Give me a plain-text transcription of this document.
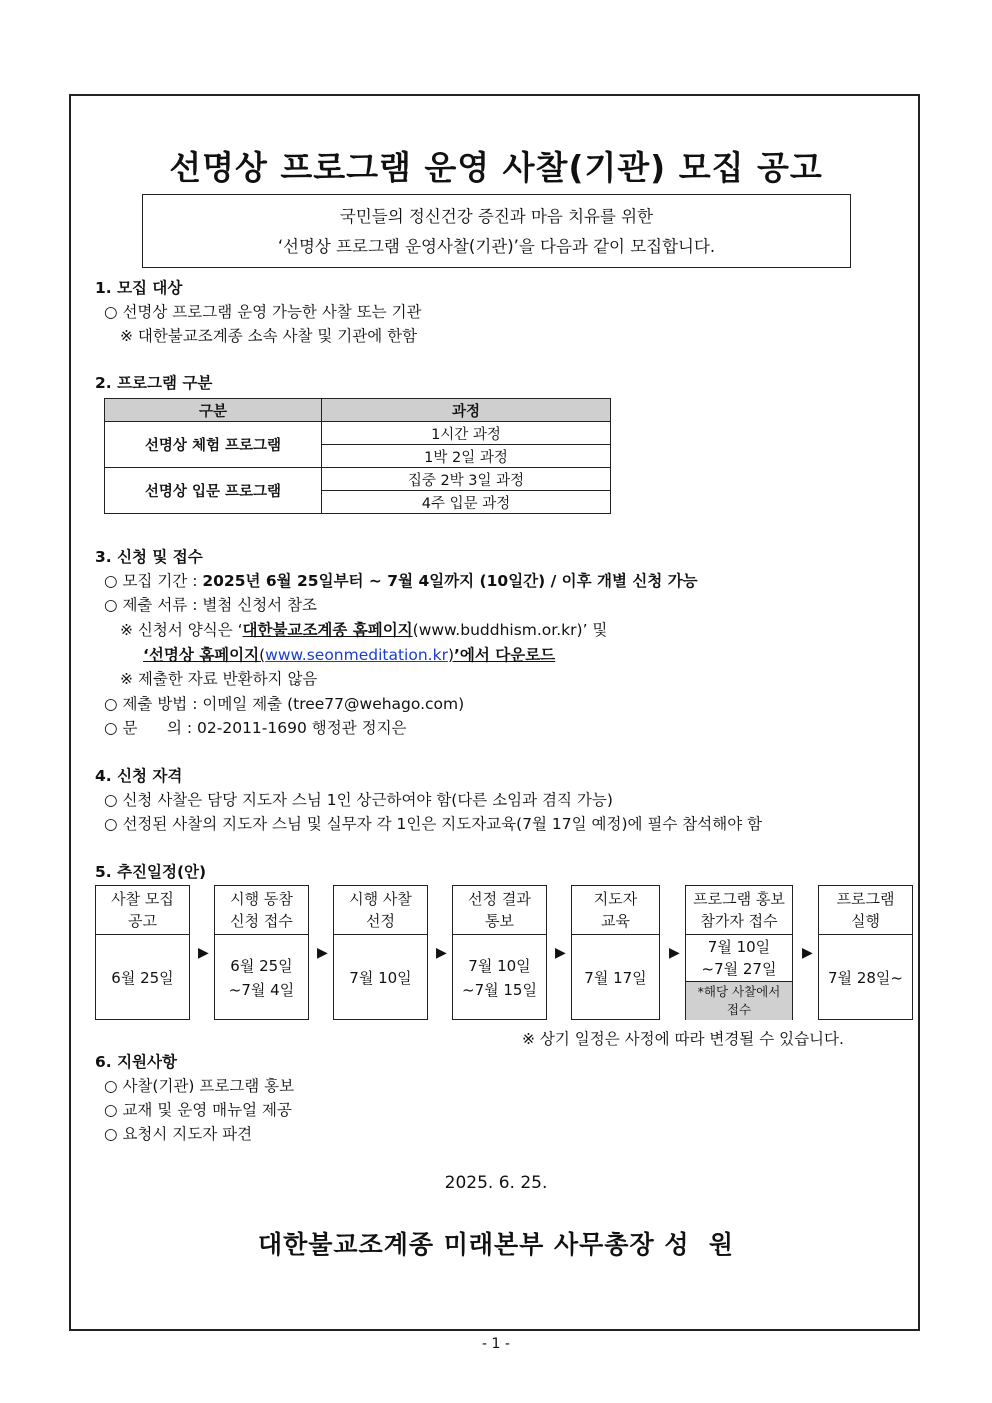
선명상 프로그램 운영 사찰(기관) 모집 공고
국민들의 정신건강 증진과 마음 치유를 위한
‘선명상 프로그램 운영사찰(기관)’을 다음과 같이 모집합니다.
1. 모집 대상
○ 선명상 프로그램 운영 가능한 사찰 또는 기관
※ 대한불교조계종 소속 사찰 및 기관에 한함
2. 프로그램 구분
구분	과정
선명상 체험 프로그램	1시간 과정
	1박 2일 과정
선명상 입문 프로그램	집중 2박 3일 과정
	4주 입문 과정
3. 신청 및 접수
○ 모집 기간 : 2025년 6월 25일부터 ~ 7월 4일까지 (10일간) / 이후 개별 신청 가능
○ 제출 서류 : 별첨 신청서 참조
※ 신청서 양식은 ‘대한불교조계종 홈페이지(www.buddhism.or.kr)’ 및
‘선명상 홈페이지(www.seonmeditation.kr)’에서 다운로드
※ 제출한 자료 반환하지 않음
○ 제출 방법 : 이메일 제출 (tree77@wehago.com)
○ 문      의 : 02-2011-1690 행정관 정지은
4. 신청 자격
○ 신청 사찰은 담당 지도자 스님 1인 상근하여야 함(다른 소임과 겸직 가능)
○ 선정된 사찰의 지도자 스님 및 실무자 각 1인은 지도자교육(7월 17일 예정)에 필수 참석해야 함
5. 추진일정(안)
사찰 모집
공고
6월 25일
▶
시행 동참
신청 접수
6월 25일
~7월 4일
▶
시행 사찰
선정
7월 10일
▶
선정 결과
통보
7월 10일
~7월 15일
▶
지도자
교육
7월 17일
▶
프로그램 홍보
참가자 접수
7월 10일
~7월 27일
*해당 사찰에서
접수
▶
프로그램
실행
7월 28일~
※ 상기 일정은 사정에 따라 변경될 수 있습니다.
6. 지원사항
○ 사찰(기관) 프로그램 홍보
○ 교재 및 운영 매뉴얼 제공
○ 요청시 지도자 파견
2025. 6. 25.
대한불교조계종 미래본부 사무총장 성  원
- 1 -
